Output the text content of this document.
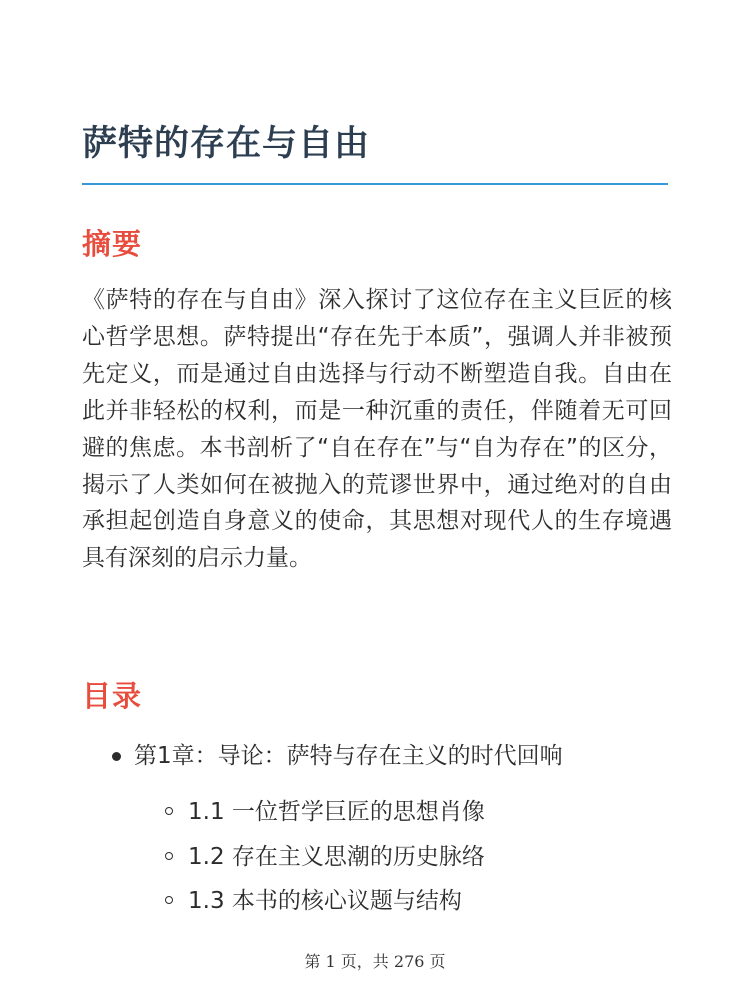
萨特的存在与自由
摘要

《萨特的存在与自由》深入探讨了这位存在主义巨匠的核心哲学思想。萨特提出“存在先于本质”，强调人并非被预先定义，而是通过自由选择与行动不断塑造自我。自由在此并非轻松的权利，而是一种沉重的责任，伴随着无可回避的焦虑。本书剖析了“自在存在”与“自为存在”的区分，揭示了人类如何在被抛入的荒谬世界中，通过绝对的自由承担起创造自身意义的使命，其思想对现代人的生存境遇具有深刻的启示力量。

目录
第1章：导论：萨特与存在主义的时代回响
1.1 一位哲学巨匠的思想肖像
1.2 存在主义思潮的历史脉络
1.3 本书的核心议题与结构
第 1 页，共 276 页
